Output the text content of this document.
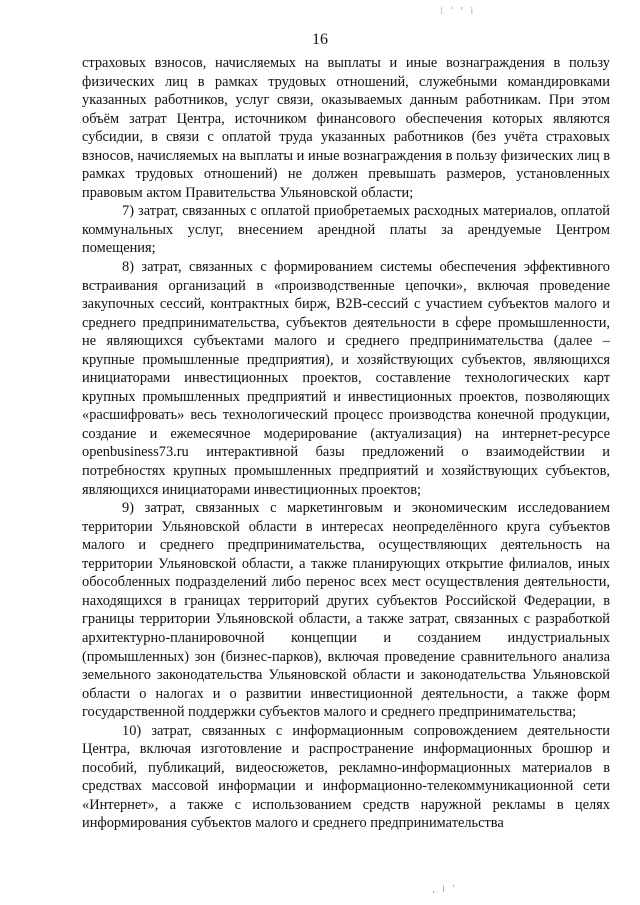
⁝ ˈ ' ⁞
16

страховых взносов, начисляемых на выплаты и иные вознаграждения в пользу физических лиц в рамках трудовых отношений, служебными командировками указанных работников, услуг связи, оказываемых данным работникам. При этом объём затрат Центра, источником финансового обеспечения которых являются субсидии, в связи с оплатой труда указанных работников (без учёта страховых взносов, начисляемых на выплаты и иные вознаграждения в пользу физических лиц в рамках трудовых отношений) не должен превышать размеров, установленных правовым актом Правительства Ульяновской области;

7) затрат, связанных с оплатой приобретаемых расходных материалов, оплатой коммунальных услуг, внесением арендной платы за арендуемые Центром помещения;

8) затрат, связанных с формированием системы обеспечения эффективного встраивания организаций в «производственные цепочки», включая проведение закупочных сессий, контрактных бирж, B2B-сессий с участием субъектов малого и среднего предпринимательства, субъектов деятельности в сфере промышленности, не являющихся субъектами малого и среднего предпринимательства (далее – крупные промышленные предприятия), и хозяйствующих субъектов, являющихся инициаторами инвестиционных проектов, составление технологических карт крупных промышленных предприятий и инвестиционных проектов, позволяющих «расшифровать» весь технологический процесс производства конечной продукции, создание и ежемесячное модерирование (актуализация) на интернет-ресурсе openbusiness73.ru интерактивной базы предложений о взаимодействии и потребностях крупных промышленных предприятий и хозяйствующих субъектов, являющихся инициаторами инвестиционных проектов;

9) затрат, связанных с маркетинговым и экономическим исследованием территории Ульяновской области в интересах неопределённого круга субъектов малого и среднего предпринимательства, осуществляющих деятельность на территории Ульяновской области, а также планирующих открытие филиалов, иных обособленных подразделений либо перенос всех мест осуществления деятельности, находящихся в границах территорий других субъектов Российской Федерации, в границы территории Ульяновской области, а также затрат, связанных с разработкой архитектурно-планировочной концепции и созданием индустриальных (промышленных) зон (бизнес-парков), включая проведение сравнительного анализа земельного законодательства Ульяновской области и законодательства Ульяновской области о налогах и о развитии инвестиционной деятельности, а также форм государственной поддержки субъектов малого и среднего предпринимательства;

10) затрат, связанных с информационным сопровождением деятельности Центра, включая изготовление и распространение информационных брошюр и пособий, публикаций, видеосюжетов, рекламно-информационных материалов в средствах массовой информации и информационно-телекоммуникационной сети «Интернет», а также с использованием средств наружной рекламы в целях информирования субъектов малого и среднего предпринимательства

ˌ ⁞ ˈ
